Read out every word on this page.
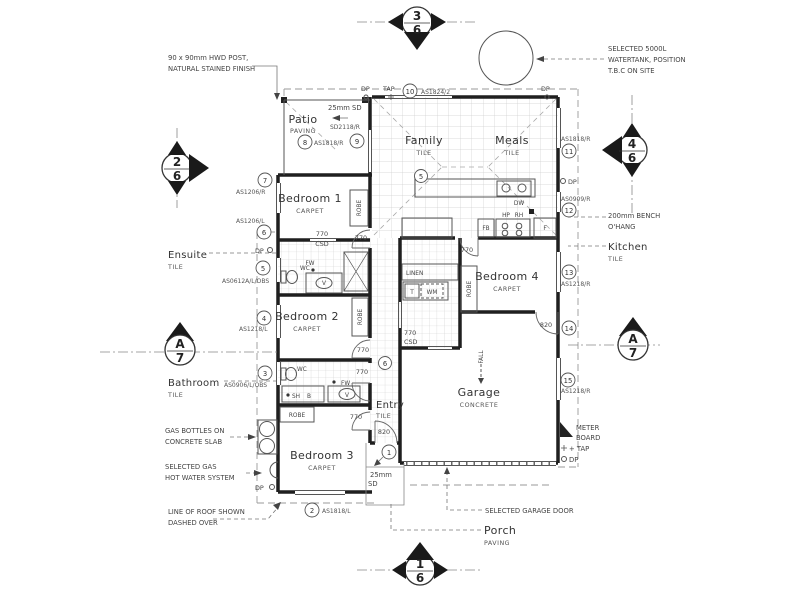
3
6
2
6
4
6
1
6
A
7
A
7
7
6
5
4
3
2
1
8	9
10
11
12
13
14
15
5
6
AS1206/R
AS1206/L
AS0612A/L/OBS
AS1218/L
AS0906/L/OBS
AS1818/L
AS1818/R
SD2118/R
AS1824/2
AS1818/R
AS0909/R
AS1218/R
AS1218/R
Patio
PAVING
Family
TILE
Meals
TILE
Bedroom 1
CARPET
Bedroom 2
CARPET
Bedroom 3
CARPET
Bedroom 4
CARPET
Garage
CONCRETE
Entry
TILE
Ensuite
TILE
Bathroom
TILE
Kitchen
TILE
Porch
PAVING
90 x 90mm HWD POST,
NATURAL STAINED FINISH
SELECTED 5000L
WATERTANK, POSITION
T.B.C ON SITE
25mm SD
200mm BENCH
O'HANG
GAS BOTTLES ON
CONCRETE SLAB
SELECTED GAS
HOT WATER SYSTEM
LINE OF ROOF SHOWN
DASHED OVER
SELECTED GARAGE DOOR
METER
BOARD
+ TAP
DP
25mm
SD
DP TAP	DP
DP
DP
DP
770
CSD
770
770
770
770
770
770
CSD
820
820
ROBE
ROBE
ROBE
ROBE
LINEN
WC
FW
V
WC
SH B	V
FW
T WM
DW
HP RH
FB	F
FALL
